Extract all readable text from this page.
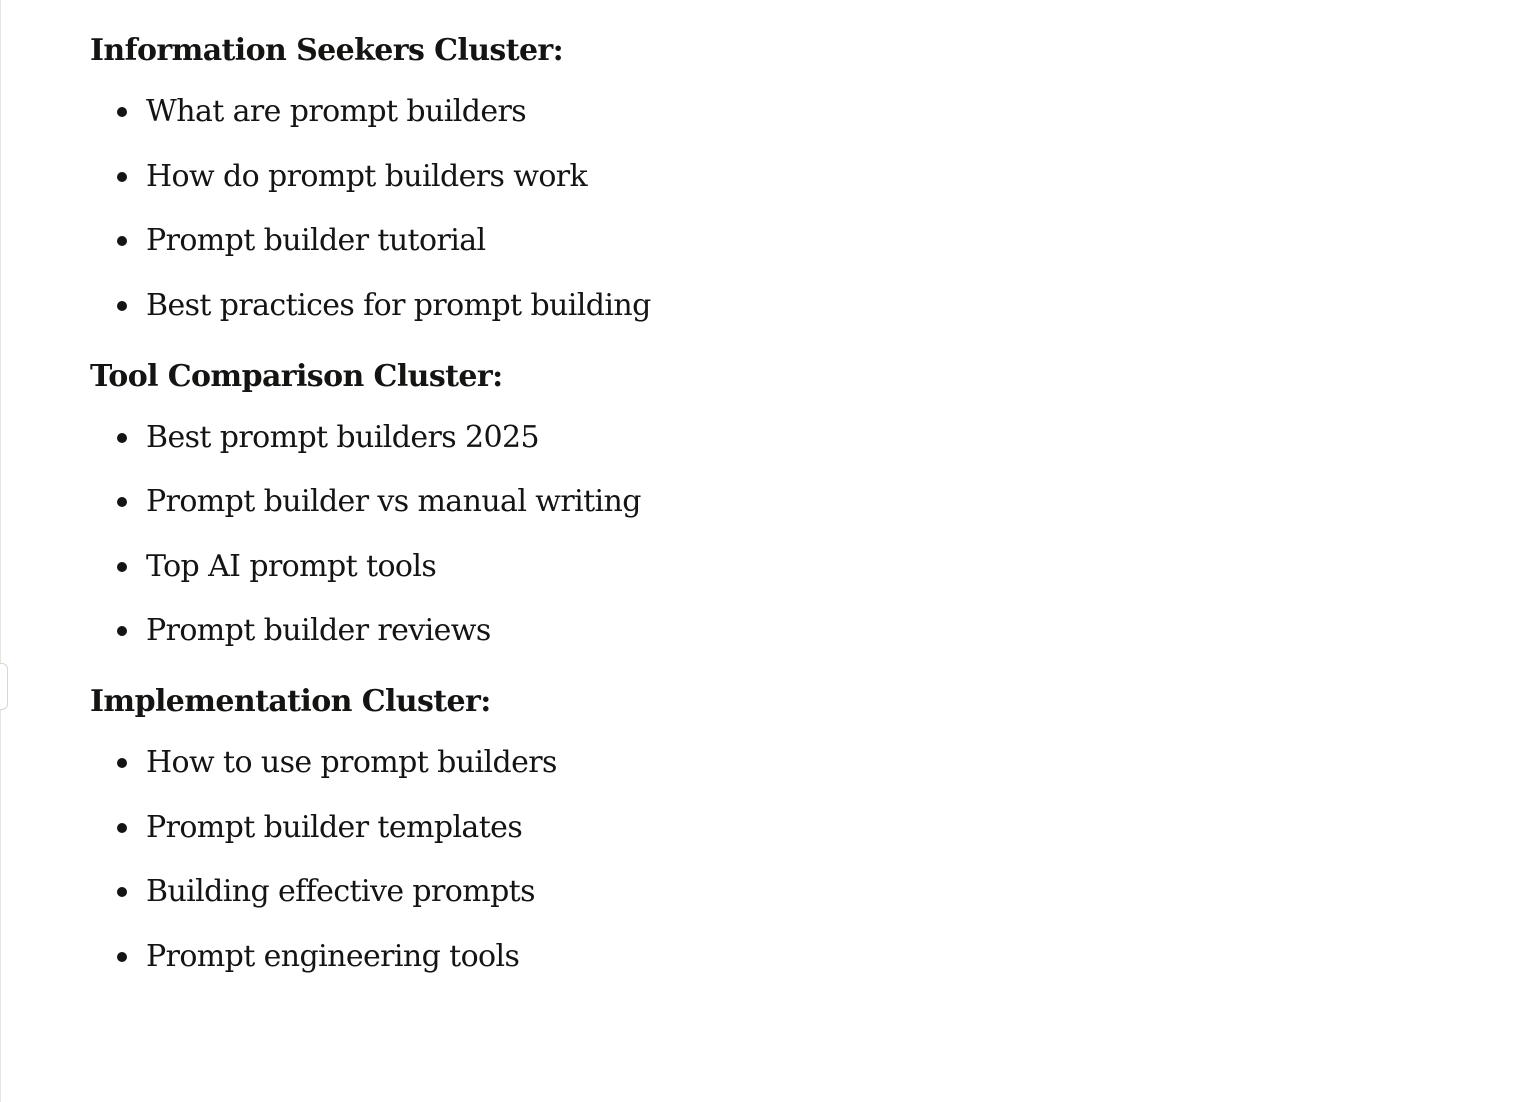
Information Seekers Cluster:
What are prompt builders
How do prompt builders work
Prompt builder tutorial
Best practices for prompt building
Tool Comparison Cluster:
Best prompt builders 2025
Prompt builder vs manual writing
Top AI prompt tools
Prompt builder reviews
Implementation Cluster:
How to use prompt builders
Prompt builder templates
Building effective prompts
Prompt engineering tools
